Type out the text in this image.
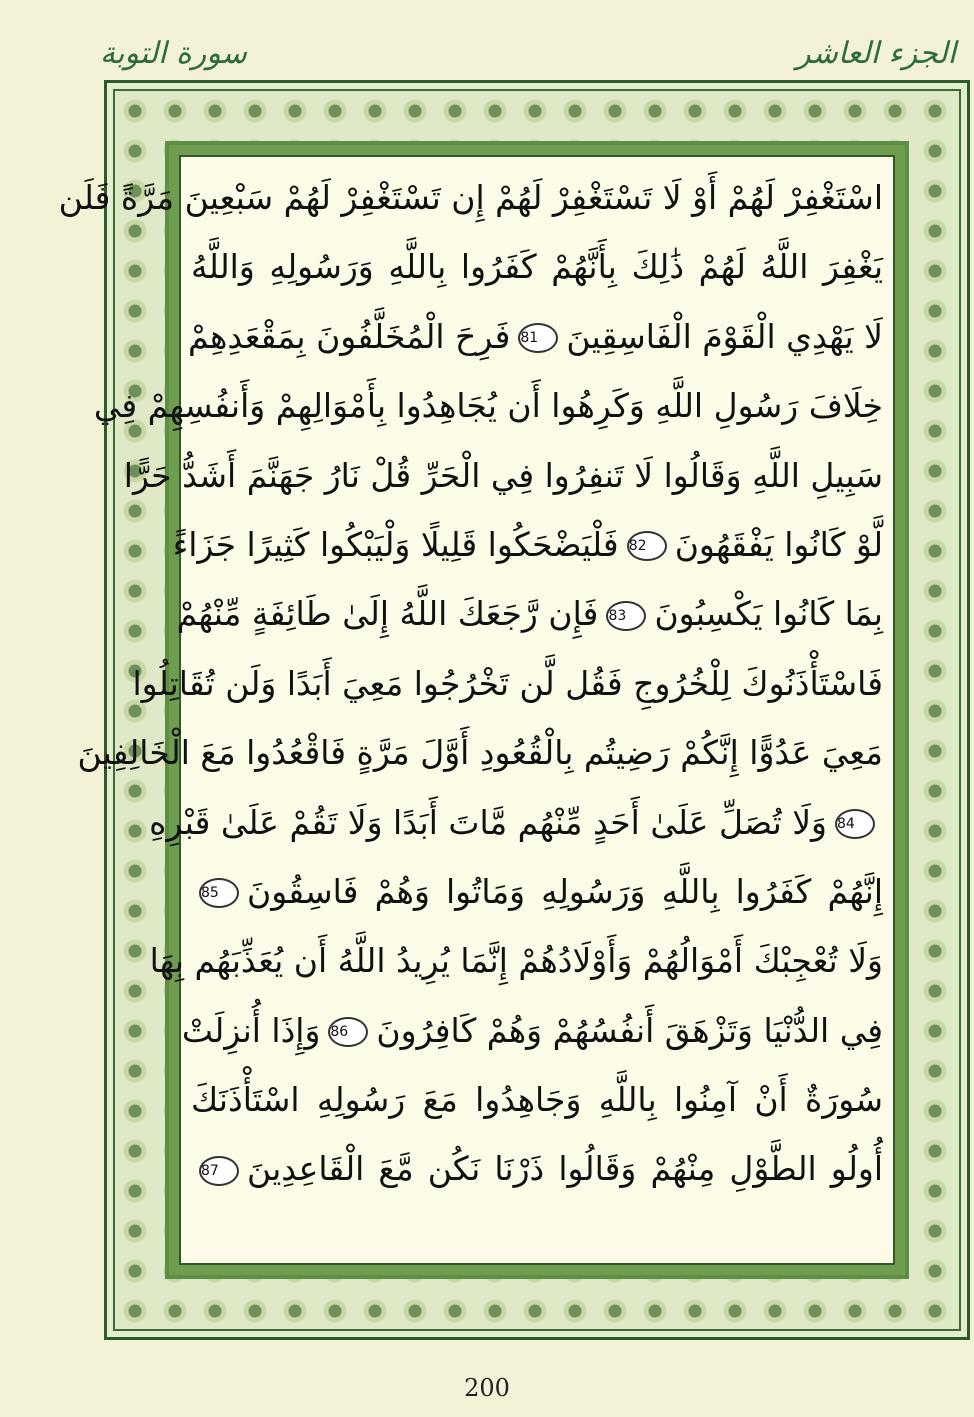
سورة التوبة	الجزء العاشر
اسْتَغْفِرْ لَهُمْ أَوْ لَا تَسْتَغْفِرْ لَهُمْ إِن تَسْتَغْفِرْ لَهُمْ سَبْعِينَ مَرَّةً فَلَن
يَغْفِرَ اللَّهُ لَهُمْ ذَٰلِكَ بِأَنَّهُمْ كَفَرُوا بِاللَّهِ وَرَسُولِهِ وَاللَّهُ
لَا يَهْدِي الْقَوْمَ الْفَاسِقِينَ81فَرِحَ الْمُخَلَّفُونَ بِمَقْعَدِهِمْ
خِلَافَ رَسُولِ اللَّهِ وَكَرِهُوا أَن يُجَاهِدُوا بِأَمْوَالِهِمْ وَأَنفُسِهِمْ فِي
سَبِيلِ اللَّهِ وَقَالُوا لَا تَنفِرُوا فِي الْحَرِّ قُلْ نَارُ جَهَنَّمَ أَشَدُّ حَرًّا
لَّوْ كَانُوا يَفْقَهُونَ82فَلْيَضْحَكُوا قَلِيلًا وَلْيَبْكُوا كَثِيرًا جَزَاءً
بِمَا كَانُوا يَكْسِبُونَ83فَإِن رَّجَعَكَ اللَّهُ إِلَىٰ طَائِفَةٍ مِّنْهُمْ
فَاسْتَأْذَنُوكَ لِلْخُرُوجِ فَقُل لَّن تَخْرُجُوا مَعِيَ أَبَدًا وَلَن تُقَاتِلُوا
مَعِيَ عَدُوًّا إِنَّكُمْ رَضِيتُم بِالْقُعُودِ أَوَّلَ مَرَّةٍ فَاقْعُدُوا مَعَ الْخَالِفِينَ
84وَلَا تُصَلِّ عَلَىٰ أَحَدٍ مِّنْهُم مَّاتَ أَبَدًا وَلَا تَقُمْ عَلَىٰ قَبْرِهِ
إِنَّهُمْ كَفَرُوا بِاللَّهِ وَرَسُولِهِ وَمَاتُوا وَهُمْ فَاسِقُونَ85
وَلَا تُعْجِبْكَ أَمْوَالُهُمْ وَأَوْلَادُهُمْ إِنَّمَا يُرِيدُ اللَّهُ أَن يُعَذِّبَهُم بِهَا
فِي الدُّنْيَا وَتَزْهَقَ أَنفُسُهُمْ وَهُمْ كَافِرُونَ86وَإِذَا أُنزِلَتْ
سُورَةٌ أَنْ آمِنُوا بِاللَّهِ وَجَاهِدُوا مَعَ رَسُولِهِ اسْتَأْذَنَكَ
أُولُو الطَّوْلِ مِنْهُمْ وَقَالُوا ذَرْنَا نَكُن مَّعَ الْقَاعِدِينَ87
200
